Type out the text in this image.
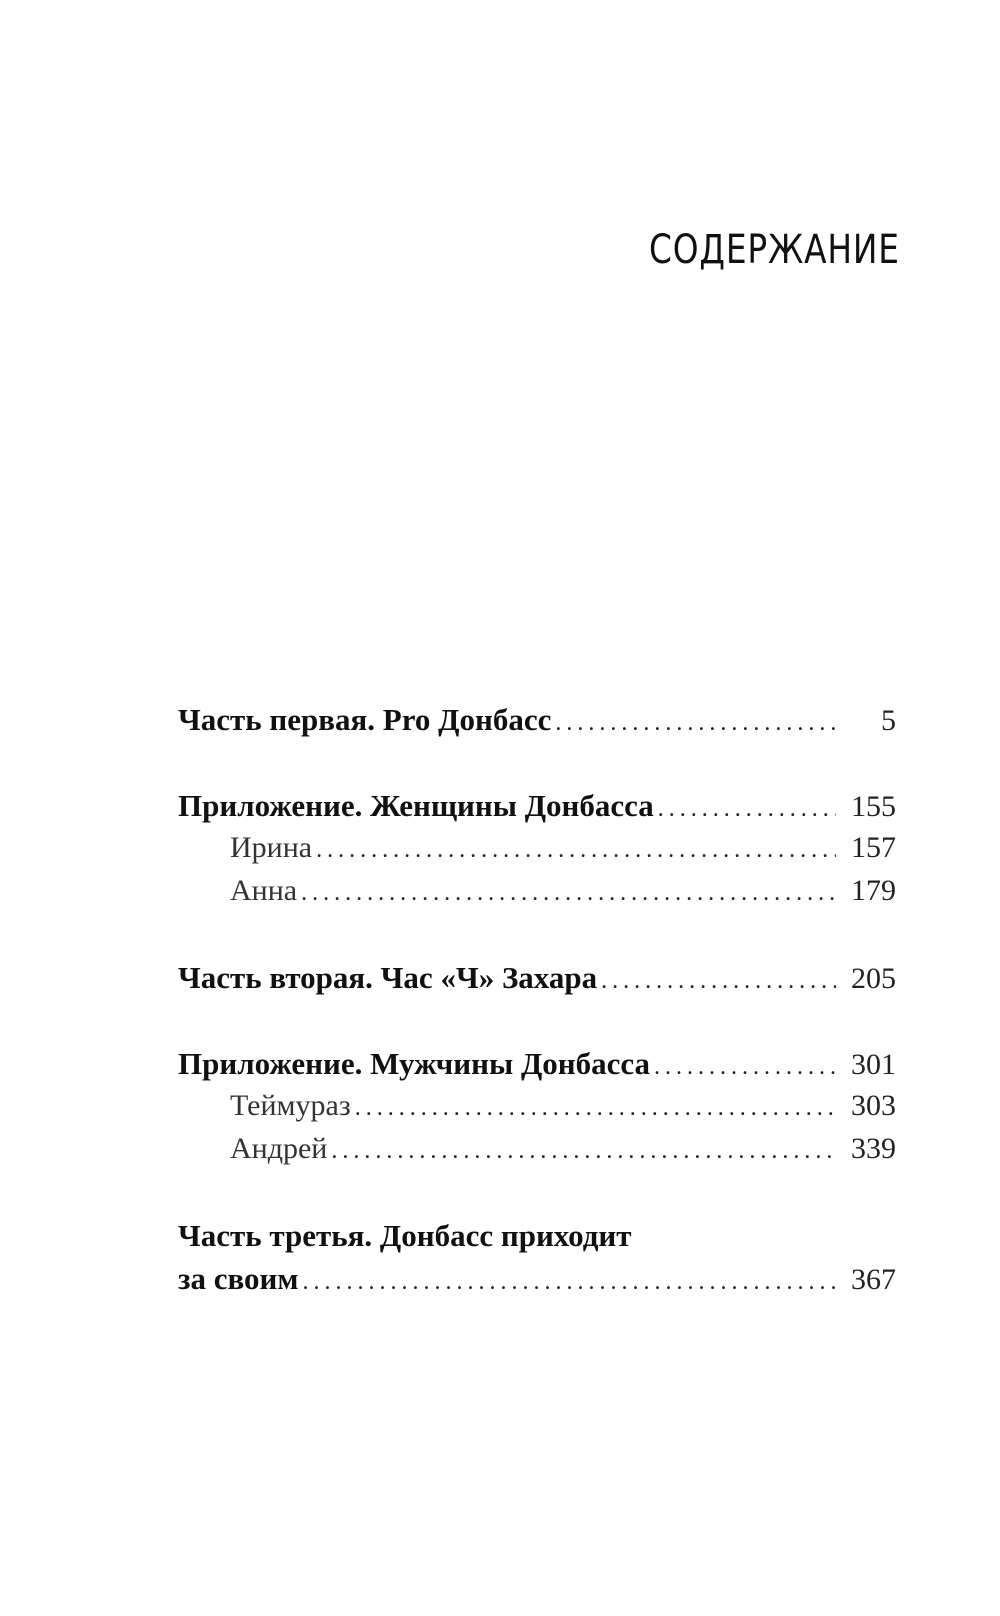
СОДЕРЖАНИЕ
Часть первая. Pro Донбасс .....	5
Приложение. Женщины Донбасса .....	155
Ирина .....	157
Анна .....	179
Часть вторая. Час «Ч» Захара .....	205
Приложение. Мужчины Донбасса .....	301
Теймураз .....	303
Андрей .....	339
Часть третья. Донбасс приходит
за своим .....	367
